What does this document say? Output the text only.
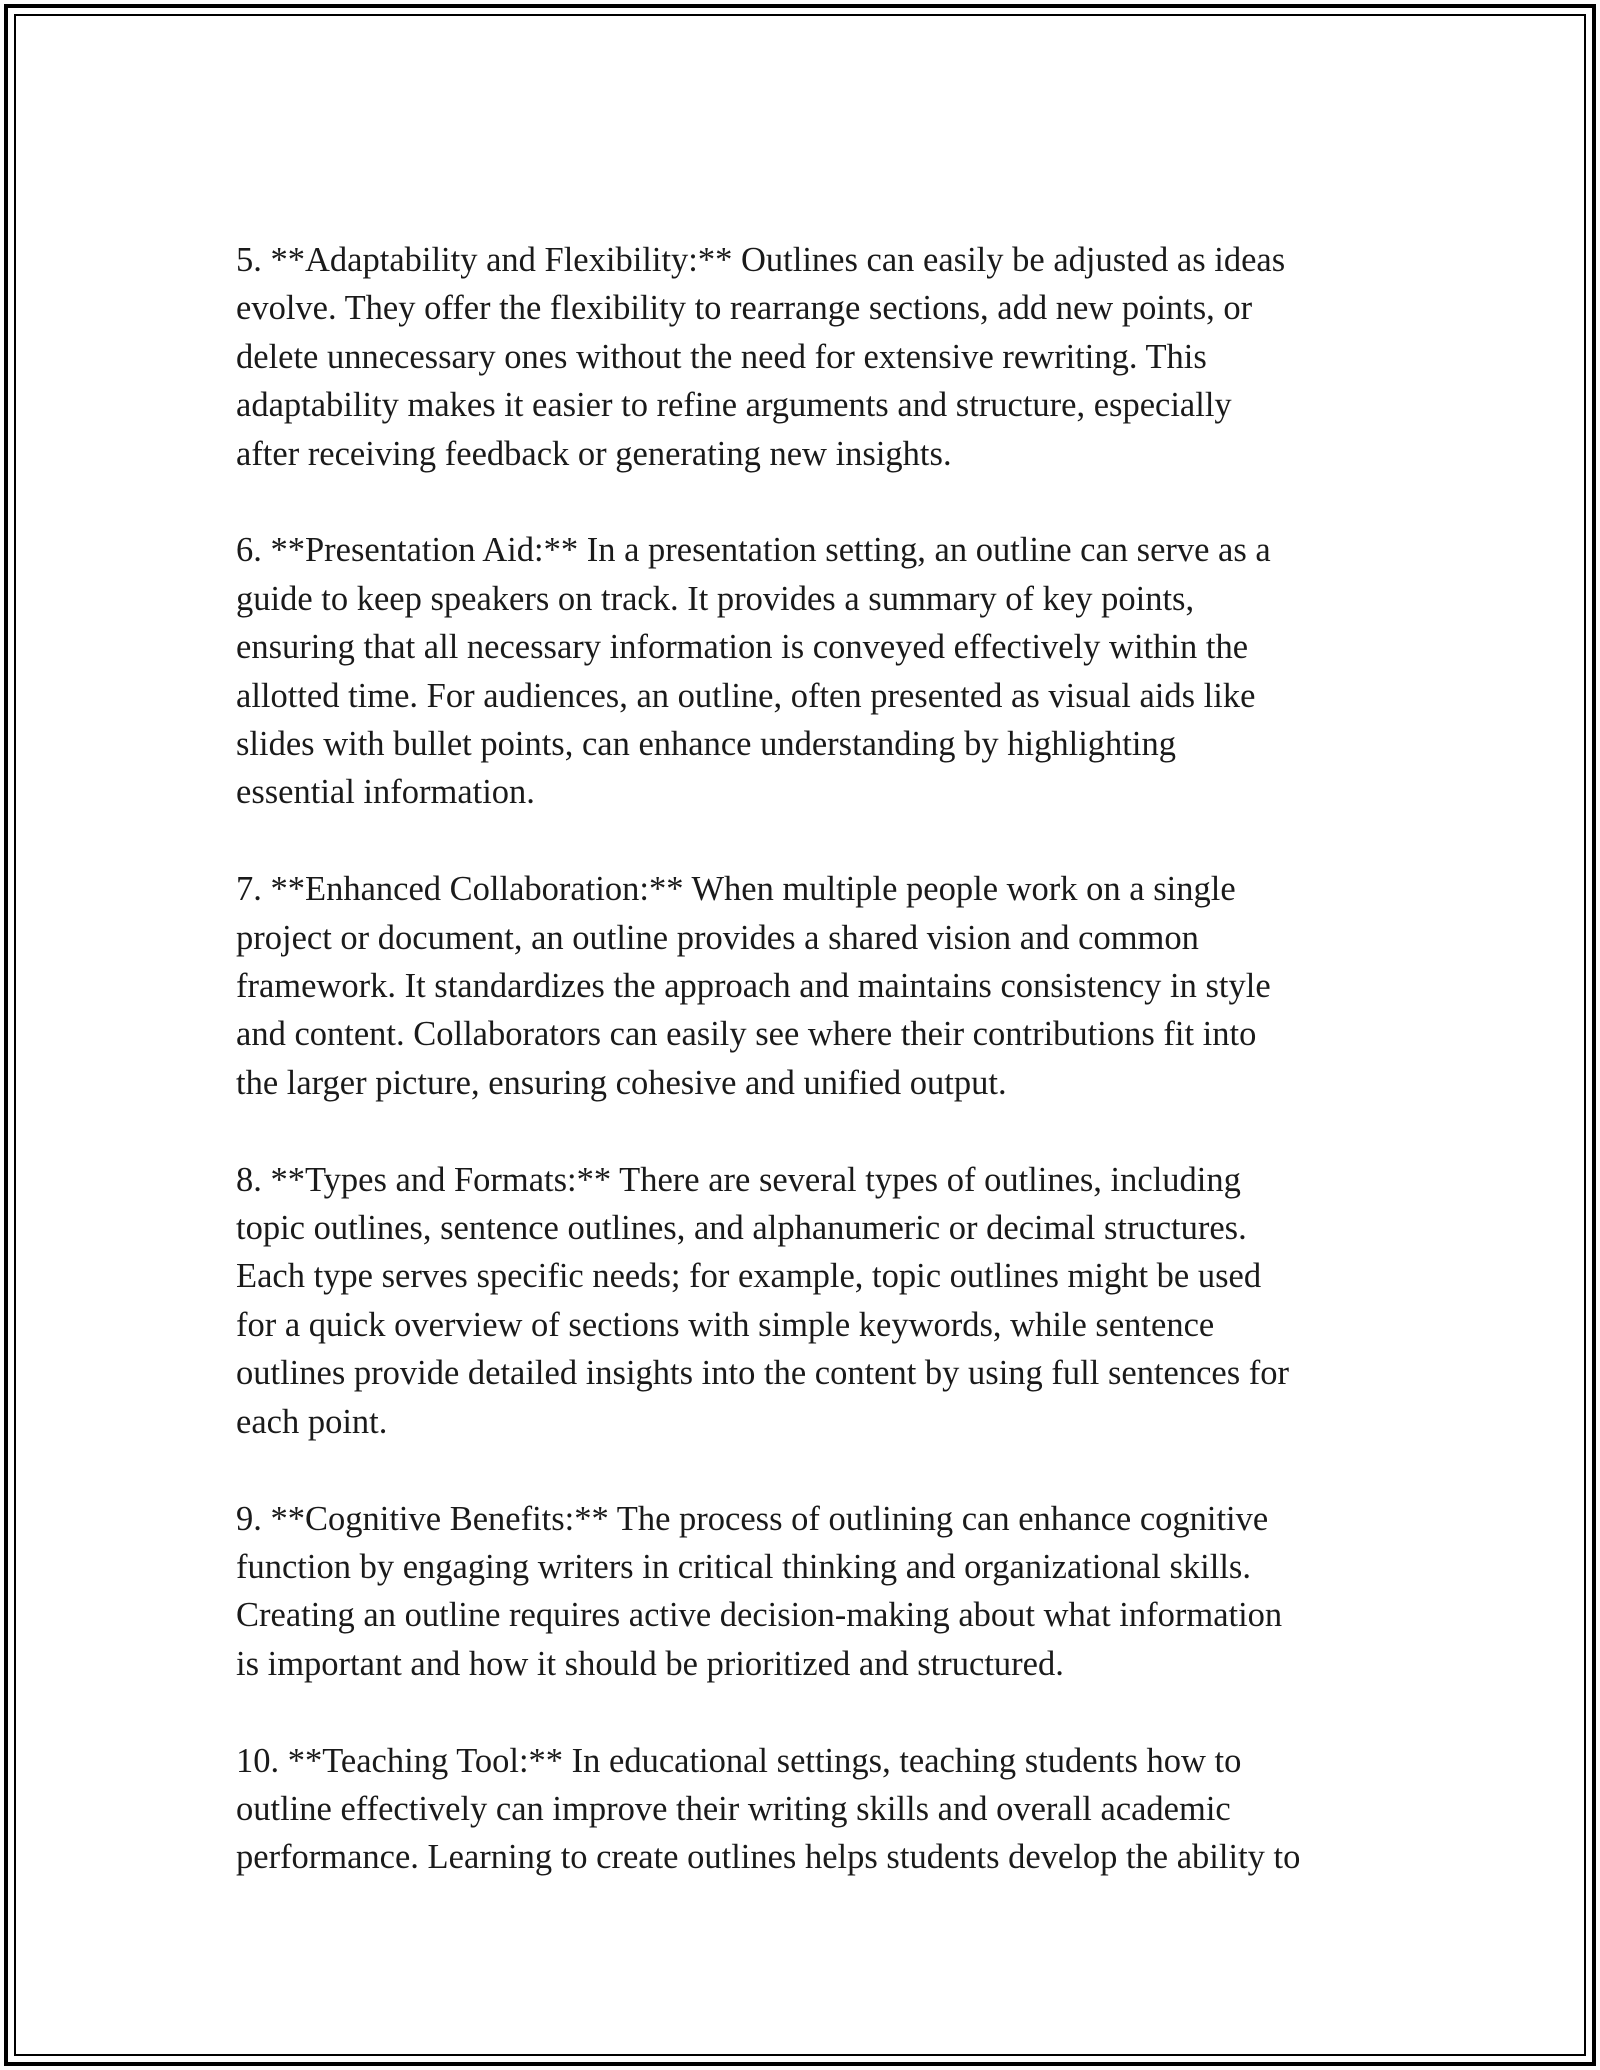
5. **Adaptability and Flexibility:** Outlines can easily be adjusted as ideas
evolve. They offer the flexibility to rearrange sections, add new points, or
delete unnecessary ones without the need for extensive rewriting. This
adaptability makes it easier to refine arguments and structure, especially
after receiving feedback or generating new insights.

6. **Presentation Aid:** In a presentation setting, an outline can serve as a
guide to keep speakers on track. It provides a summary of key points,
ensuring that all necessary information is conveyed effectively within the
allotted time. For audiences, an outline, often presented as visual aids like
slides with bullet points, can enhance understanding by highlighting
essential information.

7. **Enhanced Collaboration:** When multiple people work on a single
project or document, an outline provides a shared vision and common
framework. It standardizes the approach and maintains consistency in style
and content. Collaborators can easily see where their contributions fit into
the larger picture, ensuring cohesive and unified output.

8. **Types and Formats:** There are several types of outlines, including
topic outlines, sentence outlines, and alphanumeric or decimal structures.
Each type serves specific needs; for example, topic outlines might be used
for a quick overview of sections with simple keywords, while sentence
outlines provide detailed insights into the content by using full sentences for
each point.

9. **Cognitive Benefits:** The process of outlining can enhance cognitive
function by engaging writers in critical thinking and organizational skills.
Creating an outline requires active decision-making about what information
is important and how it should be prioritized and structured.

10. **Teaching Tool:** In educational settings, teaching students how to
outline effectively can improve their writing skills and overall academic
performance. Learning to create outlines helps students develop the ability to
